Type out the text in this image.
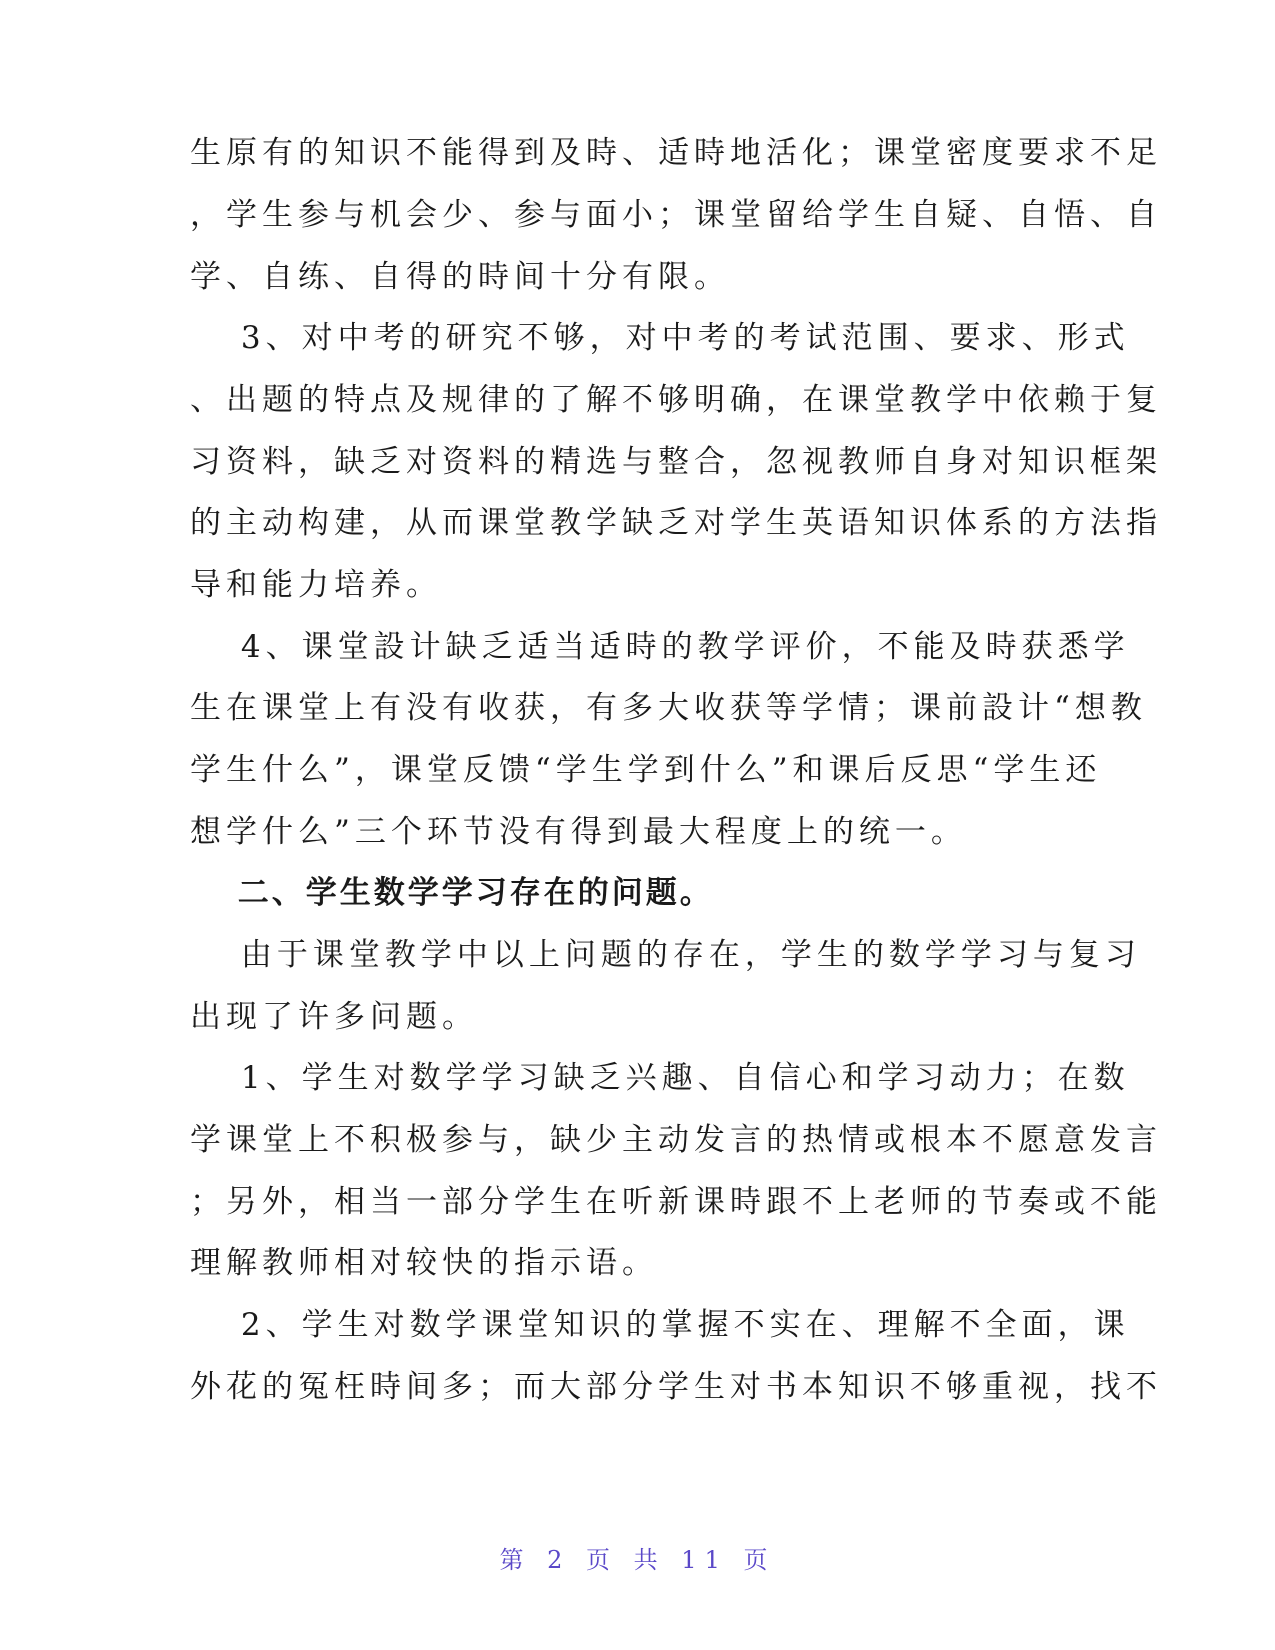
生原有的知识不能得到及時、适時地活化；课堂密度要求不足
，学生参与机会少、参与面小；课堂留给学生自疑、自悟、自
学、自练、自得的時间十分有限。
　 3、对中考的研究不够，对中考的考试范围、要求、形式
、出题的特点及规律的了解不够明确，在课堂教学中依赖于复
习资料，缺乏对资料的精选与整合，忽视教师自身对知识框架
的主动构建，从而课堂教学缺乏对学生英语知识体系的方法指
导和能力培养。
　 4、课堂設计缺乏适当适時的教学评价，不能及時获悉学
生在课堂上有没有收获，有多大收获等学情；课前設计“想教
学生什么”，课堂反馈“学生学到什么”和课后反思“学生还
想学什么”三个环节没有得到最大程度上的统一。
　 二、学生数学学习存在的问题。
　 由于课堂教学中以上问题的存在，学生的数学学习与复习
出现了许多问题。
　 1、学生对数学学习缺乏兴趣、自信心和学习动力；在数
学课堂上不积极参与，缺少主动发言的热情或根本不愿意发言
；另外，相当一部分学生在听新课時跟不上老师的节奏或不能
理解教师相对较快的指示语。
　 2、学生对数学课堂知识的掌握不实在、理解不全面，课
外花的冤枉時间多；而大部分学生对书本知识不够重视，找不
第 2 页 共 11 页
